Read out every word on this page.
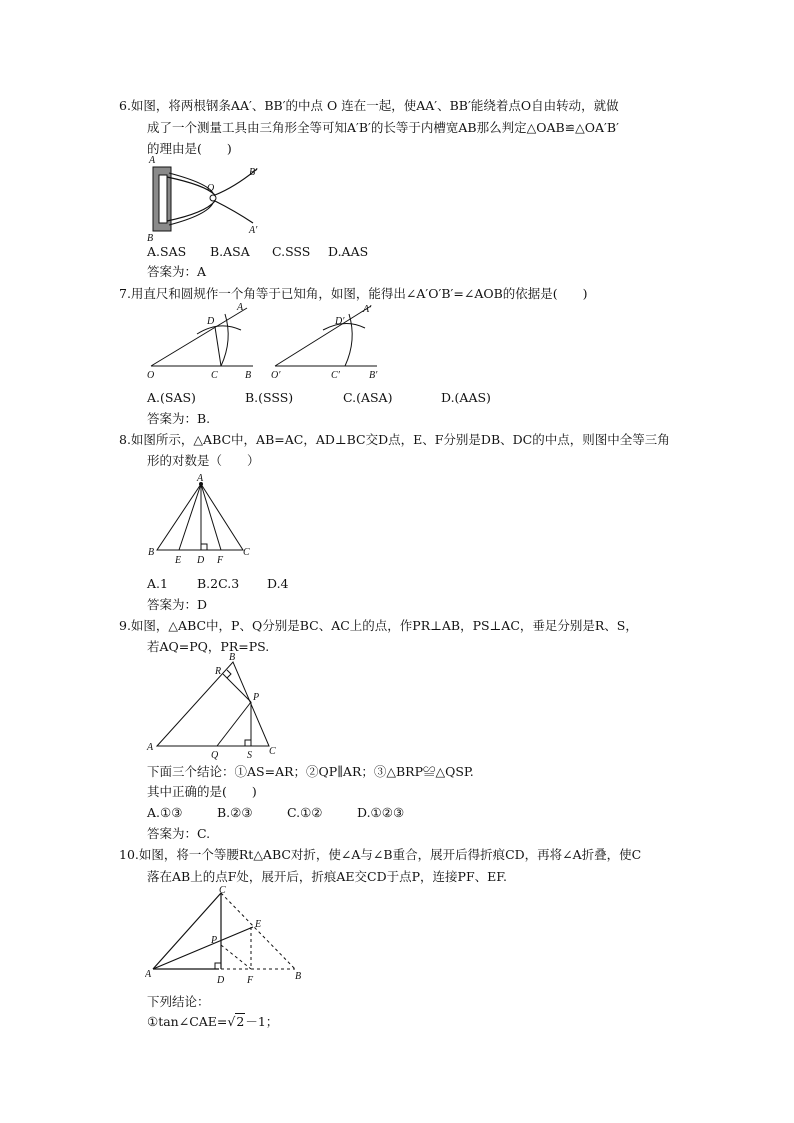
6.如图，将两根钢条AA′、BB′的中点 O 连在一起，使AA′、BB′能绕着点O自由转动，就做
成了一个测量工具由三角形全等可知A′B′的长等于内槽宽AB那么判定△OAB≌△OA′B′
的理由是(　　)
A
B
O
B′
A′
A.SAS B.ASA C.SSS D.AAS
答案为：A
7.用直尺和圆规作一个角等于已知角，如图，能得出∠A′O′B′=∠AOB的依据是(　　)
O	C	B
D
A
O′	C′	B′
D′
A′
A.(SAS)	B.(SSS)	C.(ASA)	D.(AAS)
答案为：B.
8.如图所示，△ABC中，AB=AC，AD⊥BC交D点，E、F分别是DB、DC的中点，则图中全等三角
形的对数是（　　）
A
B	C
E D F
A.1 B.2C.3 D.4
答案为：D
9.如图，△ABC中，P、Q分别是BC、AC上的点，作PR⊥AB，PS⊥AC，垂足分别是R、S，
若AQ=PQ，PR=PS.
A
B
C
P
Q
R
S
下面三个结论：①AS=AR；②QP∥AR；③△BRP≌△QSP.
其中正确的是(　　)
A.①③	B.②③	C.①②	D.①②③
答案为：C.
10.如图，将一个等腰Rt△ABC对折，使∠A与∠B重合，展开后得折痕CD，再将∠A折叠，使C
落在AB上的点F处，展开后，折痕AE交CD于点P，连接PF、EF.
A
C
E
P
D F	B
下列结论：
①tan∠CAE=√2－1；
